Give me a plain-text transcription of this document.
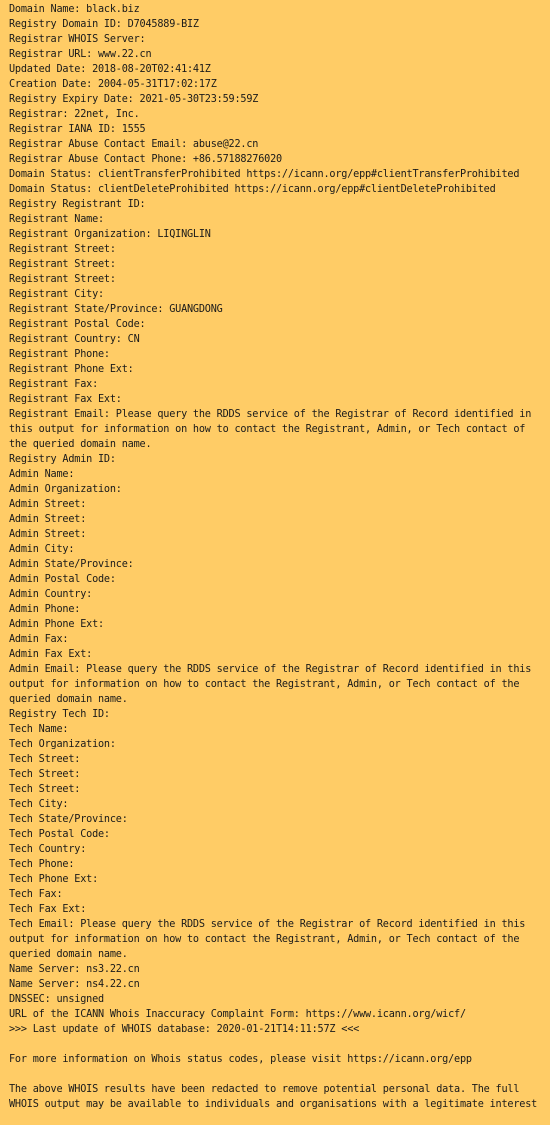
Domain Name: black.biz
Registry Domain ID: D7045889-BIZ
Registrar WHOIS Server:
Registrar URL: www.22.cn
Updated Date: 2018-08-20T02:41:41Z
Creation Date: 2004-05-31T17:02:17Z
Registry Expiry Date: 2021-05-30T23:59:59Z
Registrar: 22net, Inc.
Registrar IANA ID: 1555
Registrar Abuse Contact Email: abuse@22.cn
Registrar Abuse Contact Phone: +86.57188276020
Domain Status: clientTransferProhibited https://icann.org/epp#clientTransferProhibited
Domain Status: clientDeleteProhibited https://icann.org/epp#clientDeleteProhibited
Registry Registrant ID:
Registrant Name:
Registrant Organization: LIQINGLIN
Registrant Street:
Registrant Street:
Registrant Street:
Registrant City:
Registrant State/Province: GUANGDONG
Registrant Postal Code:
Registrant Country: CN
Registrant Phone:
Registrant Phone Ext:
Registrant Fax:
Registrant Fax Ext:
Registrant Email: Please query the RDDS service of the Registrar of Record identified in this output for information on how to contact the Registrant, Admin, or Tech contact of the queried domain name.
Registry Admin ID:
Admin Name:
Admin Organization:
Admin Street:
Admin Street:
Admin Street:
Admin City:
Admin State/Province:
Admin Postal Code:
Admin Country:
Admin Phone:
Admin Phone Ext:
Admin Fax:
Admin Fax Ext:
Admin Email: Please query the RDDS service of the Registrar of Record identified in this output for information on how to contact the Registrant, Admin, or Tech contact of the queried domain name.
Registry Tech ID:
Tech Name:
Tech Organization:
Tech Street:
Tech Street:
Tech Street:
Tech City:
Tech State/Province:
Tech Postal Code:
Tech Country:
Tech Phone:
Tech Phone Ext:
Tech Fax:
Tech Fax Ext:
Tech Email: Please query the RDDS service of the Registrar of Record identified in this output for information on how to contact the Registrant, Admin, or Tech contact of the queried domain name.
Name Server: ns3.22.cn
Name Server: ns4.22.cn
DNSSEC: unsigned
URL of the ICANN Whois Inaccuracy Complaint Form: https://www.icann.org/wicf/
>>> Last update of WHOIS database: 2020-01-21T14:11:57Z <<<
For more information on Whois status codes, please visit https://icann.org/epp
The above WHOIS results have been redacted to remove potential personal data. The full WHOIS output may be available to individuals and organisations with a legitimate interest
